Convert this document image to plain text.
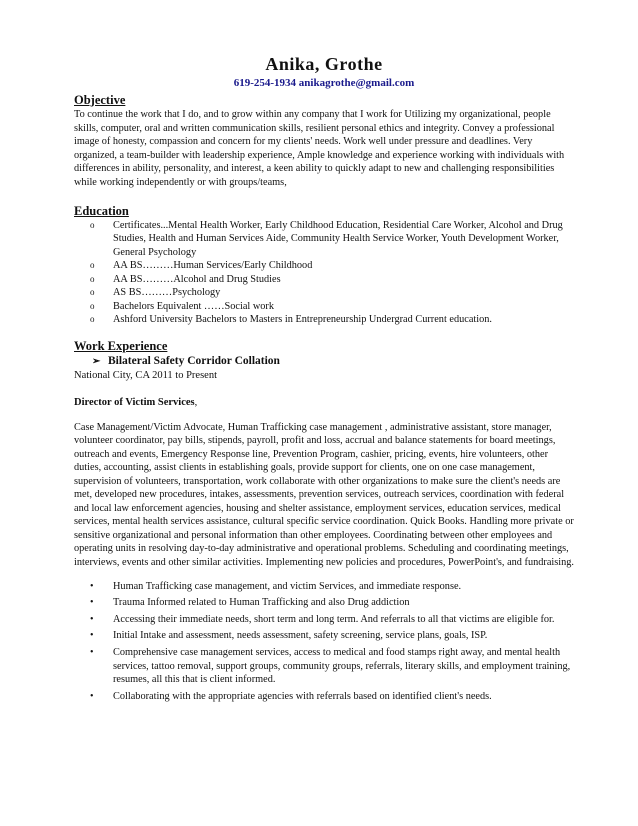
Anika, Grothe
619-254-1934 anikagrothe@gmail.com
Objective

To continue the work that I do, and to grow within any company that I work for Utilizing my organizational, people skills, computer, oral and written communication skills, resilient personal ethics and integrity. Convey a professional image of honesty, compassion and concern for my clients' needs. Work well under pressure and deadlines. Very organized, a team-builder with leadership experience, Ample knowledge and experience working with individuals with differences in ability, personality, and interest, a keen ability to quickly adapt to new and challenging responsibilities while working independently or with groups/teams,

Education
o Certificates...Mental Health Worker, Early Childhood Education, Residential Care Worker, Alcohol and Drug Studies, Health and Human Services Aide, Community Health Service Worker, Youth Development Worker, General Psychology
o AA BS………Human Services/Early Childhood
o AA BS………Alcohol and Drug Studies
o AS BS………Psychology
o Bachelors Equivalent ……Social work
o Ashford University Bachelors to Masters in Entrepreneurship Undergrad Current education.
Work Experience
➢ Bilateral Safety Corridor Collation
National City, CA 2011 to Present
Director of Victim Services,

Case Management/Victim Advocate, Human Trafficking case management , administrative assistant, store manager, volunteer coordinator, pay bills, stipends, payroll, profit and loss, accrual and balance statements for board meetings, outreach and events, Emergency Response line, Prevention Program, cashier, pricing, events, hire volunteers, other duties, accounting, assist clients in establishing goals, provide support for clients, one on one case management, supervision of volunteers, transportation, work collaborate with other organizations to make sure the client's needs are met, developed new procedures, intakes, assessments, prevention services, outreach services, coordination with federal and local law enforcement agencies, housing and shelter assistance, employment services, education services, medical services, mental health services assistance, cultural specific service coordination. Quick Books. Handling more private or sensitive organizational and personal information than other employees. Coordinating between other employees and operating units in resolving day-to-day administrative and operational problems. Scheduling and coordinating meetings, interviews, events and other similar activities. Implementing new policies and procedures, PowerPoint's, and fundraising.

• Human Trafficking case management, and victim Services, and immediate response.
• Trauma Informed related to Human Trafficking and also Drug addiction
• Accessing their immediate needs, short term and long term. And referrals to all that victims are eligible for.
• Initial Intake and assessment, needs assessment, safety screening, service plans, goals, ISP.
• Comprehensive case management services, access to medical and food stamps right away, and mental health services, tattoo removal, support groups, community groups, referrals, literary skills, and employment training, resumes, all this that is client informed.
• Collaborating with the appropriate agencies with referrals based on identified client's needs.
